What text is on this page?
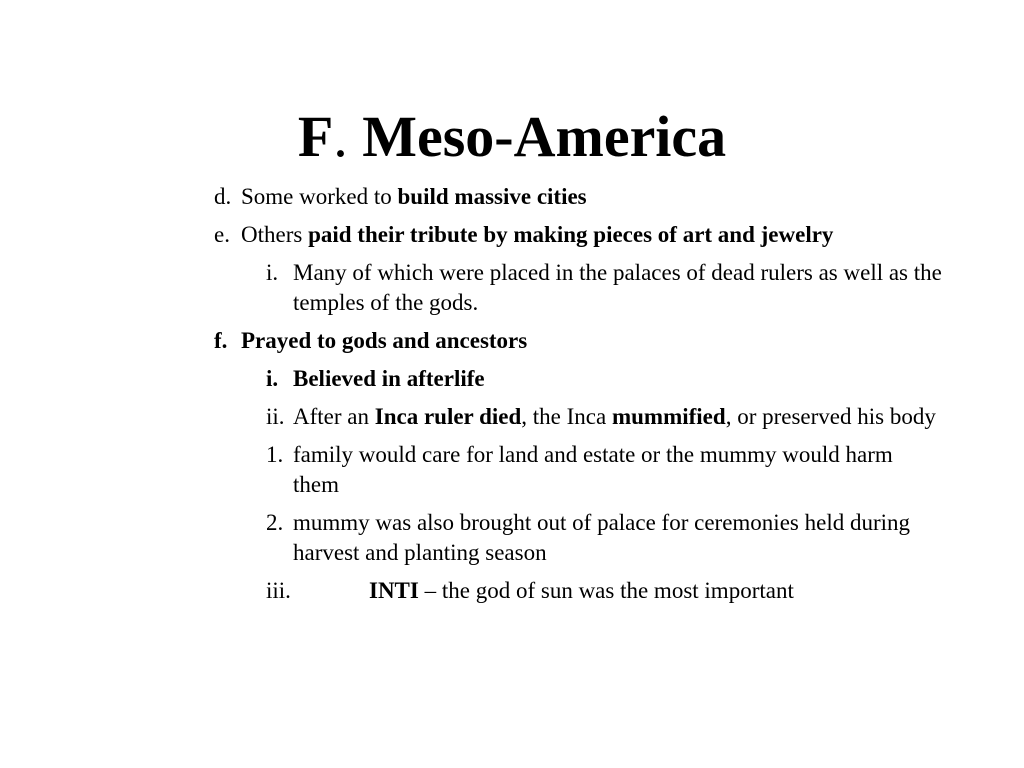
F. Meso-America
d. Some worked to build massive cities
e. Others paid their tribute by making pieces of art and jewelry
i. Many of which were placed in the palaces of dead rulers as well as the temples of the gods.
f. Prayed to gods and ancestors
i. Believed in afterlife
ii. After an Inca ruler died, the Inca mummified, or preserved his body
1. family would care for land and estate or the mummy would harm them
2. mummy was also brought out of palace for ceremonies held during harvest and planting season
iii.	INTI – the god of sun was the most important
